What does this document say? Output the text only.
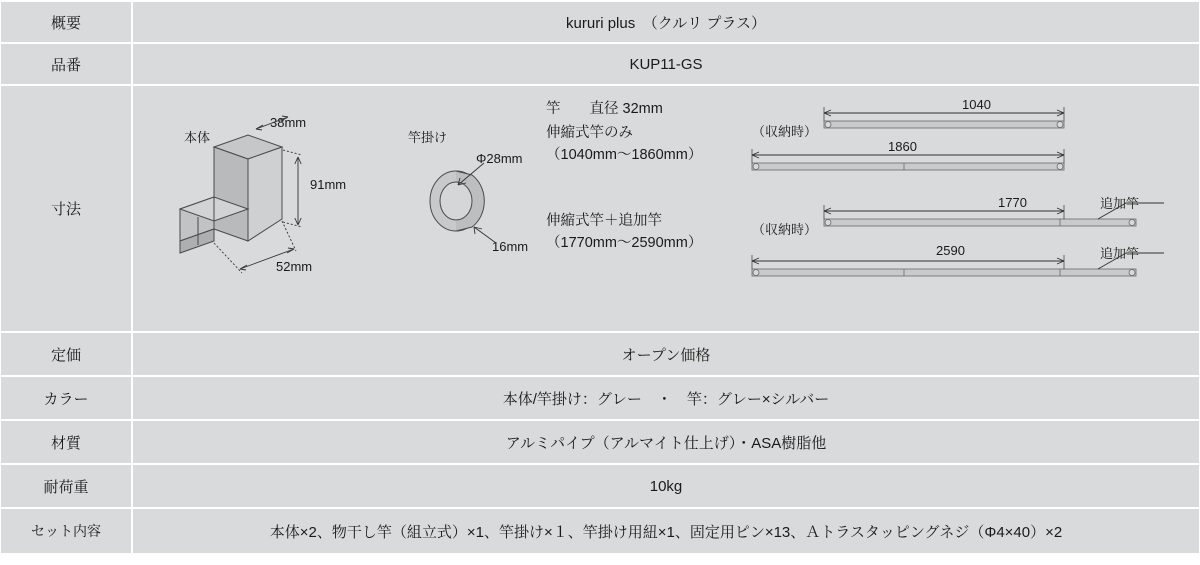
概要	kururi plus　（クルリ プラス）
品番	KUP11-GS
寸法	
本体
38mm
91mm
52mm
竿掛け
Φ28mm
16mm
竿　　直径 32mm
伸縮式竿のみ
（1040mm〜1860mm）
伸縮式竿＋追加竿
（1770mm〜2590mm）
（収納時）
（収納時）
1040
1860
1770
2590
追加竿
追加竿

定価	オープン価格
カラー	本体/竿掛け：グレー　・　竿：グレー×シルバー
材質	アルミパイプ（アルマイト仕上げ）・ASA樹脂他
耐荷重	10kg
セット内容	本体×2、物干し竿（組立式）×1、竿掛け×１、竿掛け用紐×1、固定用ピン×13、Ａトラスタッピングネジ（Φ4×40）×2
